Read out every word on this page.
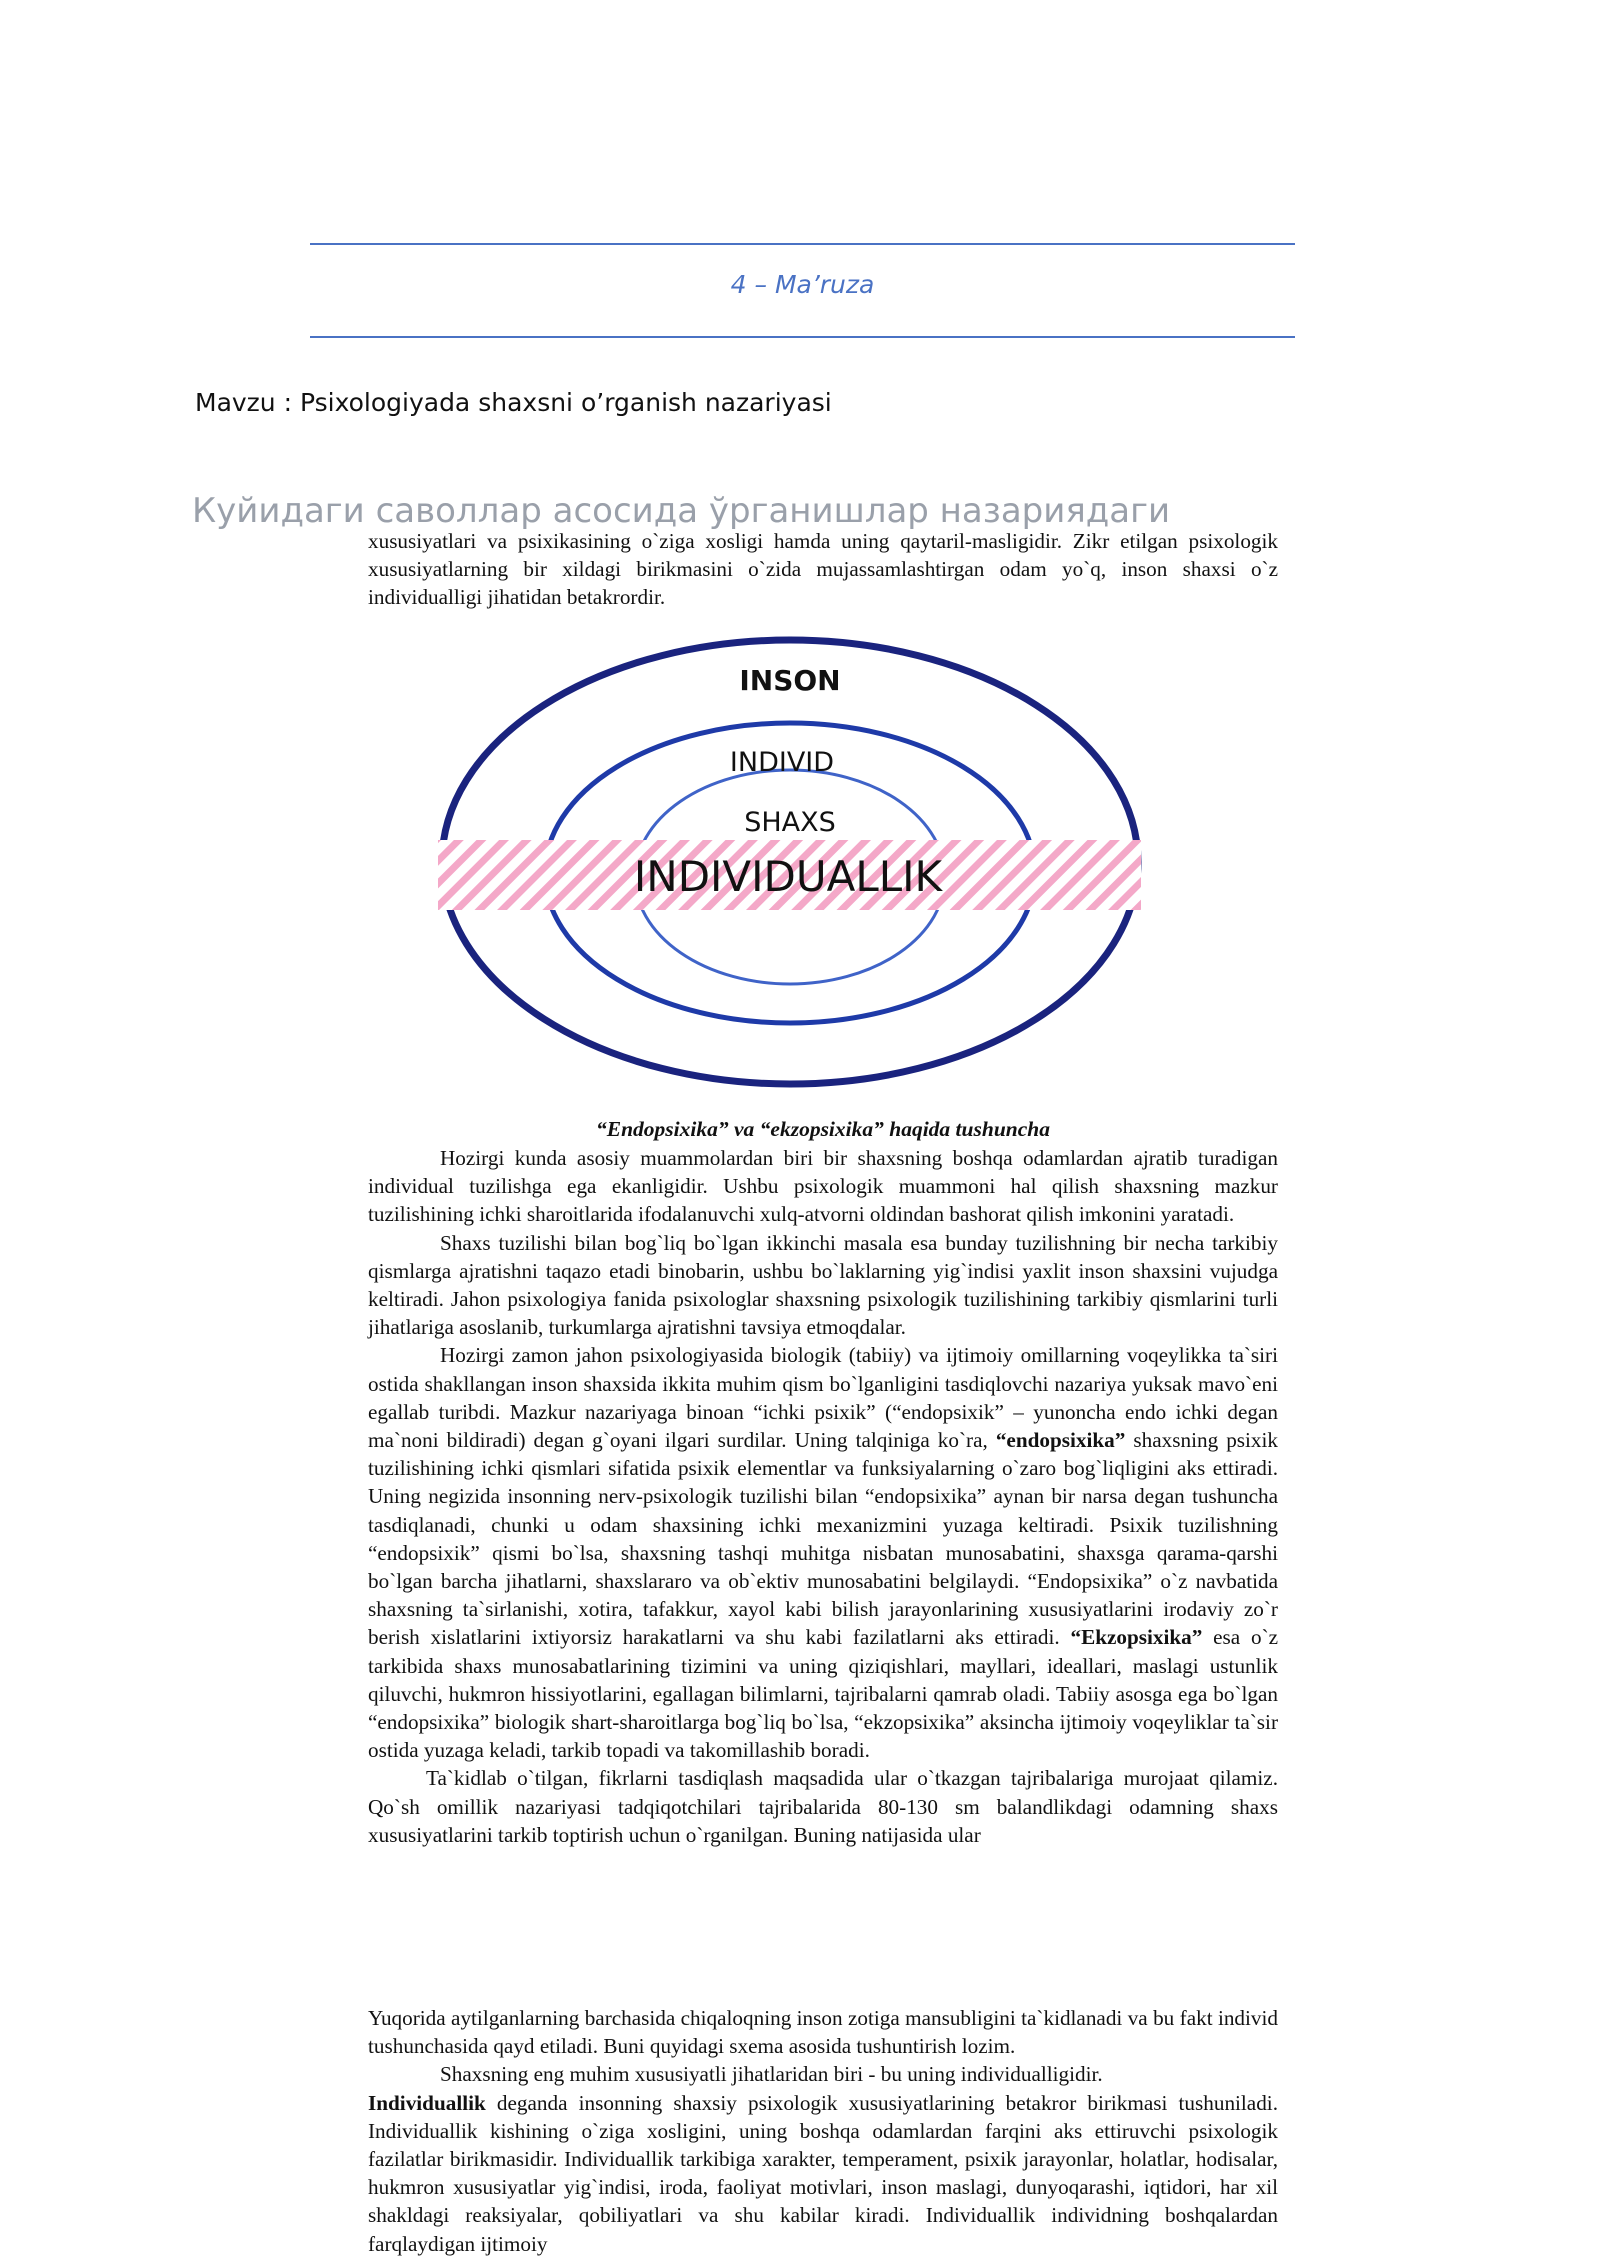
4 – Ma’ruza
Mavzu : Psixologiyada shaxsni o’rganish nazariyasi
Куйидаги саволлар асосида ўрганишлар назариядаги

xususiyatlari va psixikasining o`ziga xosligi hamda uning qaytaril-masligidir. Zikr etilgan psixologik xususiyatlarning bir xildagi birikmasini o`zida mujassamlashtirgan odam yo`q, inson shaxsi o`z individualligi jihatidan betakrordir.

INSON
INDIVID
SHAXS
INDIVIDUALLIK
“Endopsixika” va “ekzopsixika” haqida tushuncha

Hozirgi kunda asosiy muammolardan biri bir shaxsning boshqa odamlardan ajratib turadigan individual tuzilishga ega ekanligidir. Ushbu psixologik muammoni hal qilish shaxsning mazkur tuzilishining ichki sharoitlarida ifodalanuvchi xulq-atvorni oldindan bashorat qilish imkonini yaratadi.

Shaxs tuzilishi bilan bog`liq bo`lgan ikkinchi masala esa bunday tuzilishning bir necha tarkibiy qismlarga ajratishni taqazo etadi binobarin, ushbu bo`laklarning yig`indisi yaxlit inson shaxsini vujudga keltiradi. Jahon psixologiya fanida psixologlar shaxsning psixologik tuzilishining tarkibiy qismlarini turli jihatlariga asoslanib, turkumlarga ajratishni tavsiya etmoqdalar.

Hozirgi zamon jahon psixologiyasida biologik (tabiiy) va ijtimoiy omillarning voqeylikka ta`siri ostida shakllangan inson shaxsida ikkita muhim qism bo`lganligini tasdiqlovchi nazariya yuksak mavo`eni egallab turibdi. Mazkur nazariyaga binoan “ichki psixik” (“endopsixik” – yunoncha endo ichki degan ma`noni bildiradi) degan g`oyani ilgari surdilar. Uning talqiniga ko`ra, “endopsixika” shaxsning psixik tuzilishining ichki qismlari sifatida psixik elementlar va funksiyalarning o`zaro bog`liqligini aks ettiradi. Uning negizida insonning nerv-psixologik tuzilishi bilan “endopsixika” aynan bir narsa degan tushuncha tasdiqlanadi, chunki u odam shaxsining ichki mexanizmini yuzaga keltiradi. Psixik tuzilishning “endopsixik” qismi bo`lsa, shaxsning tashqi muhitga nisbatan munosabatini, shaxsga qarama-qarshi bo`lgan barcha jihatlarni, shaxslararo va ob`ektiv munosabatini belgilaydi. “Endopsixika” o`z navbatida shaxsning ta`sirlanishi, xotira, tafakkur, xayol kabi bilish jarayonlarining xususiyatlarini irodaviy zo`r berish xislatlarini ixtiyorsiz harakatlarni va shu kabi fazilatlarni aks ettiradi. “Ekzopsixika” esa o`z tarkibida shaxs munosabatlarining tizimini va uning qiziqishlari, mayllari, ideallari, maslagi ustunlik qiluvchi, hukmron hissiyotlarini, egallagan bilimlarni, tajribalarni qamrab oladi. Tabiiy asosga ega bo`lgan “endopsixika” biologik shart-sharoitlarga bog`liq bo`lsa, “ekzopsixika” aksincha ijtimoiy voqeyliklar ta`sir ostida yuzaga keladi, tarkib topadi va takomillashib boradi.

Ta`kidlab o`tilgan, fikrlarni tasdiqlash maqsadida ular o`tkazgan tajribalariga murojaat qilamiz. Qo`sh omillik nazariyasi tadqiqotchilari tajribalarida 80-130 sm balandlikdagi odamning shaxs xususiyatlarini tarkib toptirish uchun o`rganilgan. Buning natijasida ular

Yuqorida aytilganlarning barchasida chiqaloqning inson zotiga mansubligini ta`kidlanadi va bu fakt individ tushunchasida qayd etiladi. Buni quyidagi sxema asosida tushuntirish lozim.

Shaxsning eng muhim xususiyatli jihatlaridan biri - bu uning individualligidir.

Individuallik deganda insonning shaxsiy psixologik xususiyatlarining betakror birikmasi tushuniladi. Individuallik kishining o`ziga xosligini, uning boshqa odamlardan farqini aks ettiruvchi psixologik fazilatlar birikmasidir. Individuallik tarkibiga xarakter, temperament, psixik jarayonlar, holatlar, hodisalar, hukmron xususiyatlar yig`indisi, iroda, faoliyat motivlari, inson maslagi, dunyoqarashi, iqtidori, har xil shakldagi reaksiyalar, qobiliyatlari va shu kabilar kiradi. Individuallik individning boshqalardan farqlaydigan ijtimoiy
